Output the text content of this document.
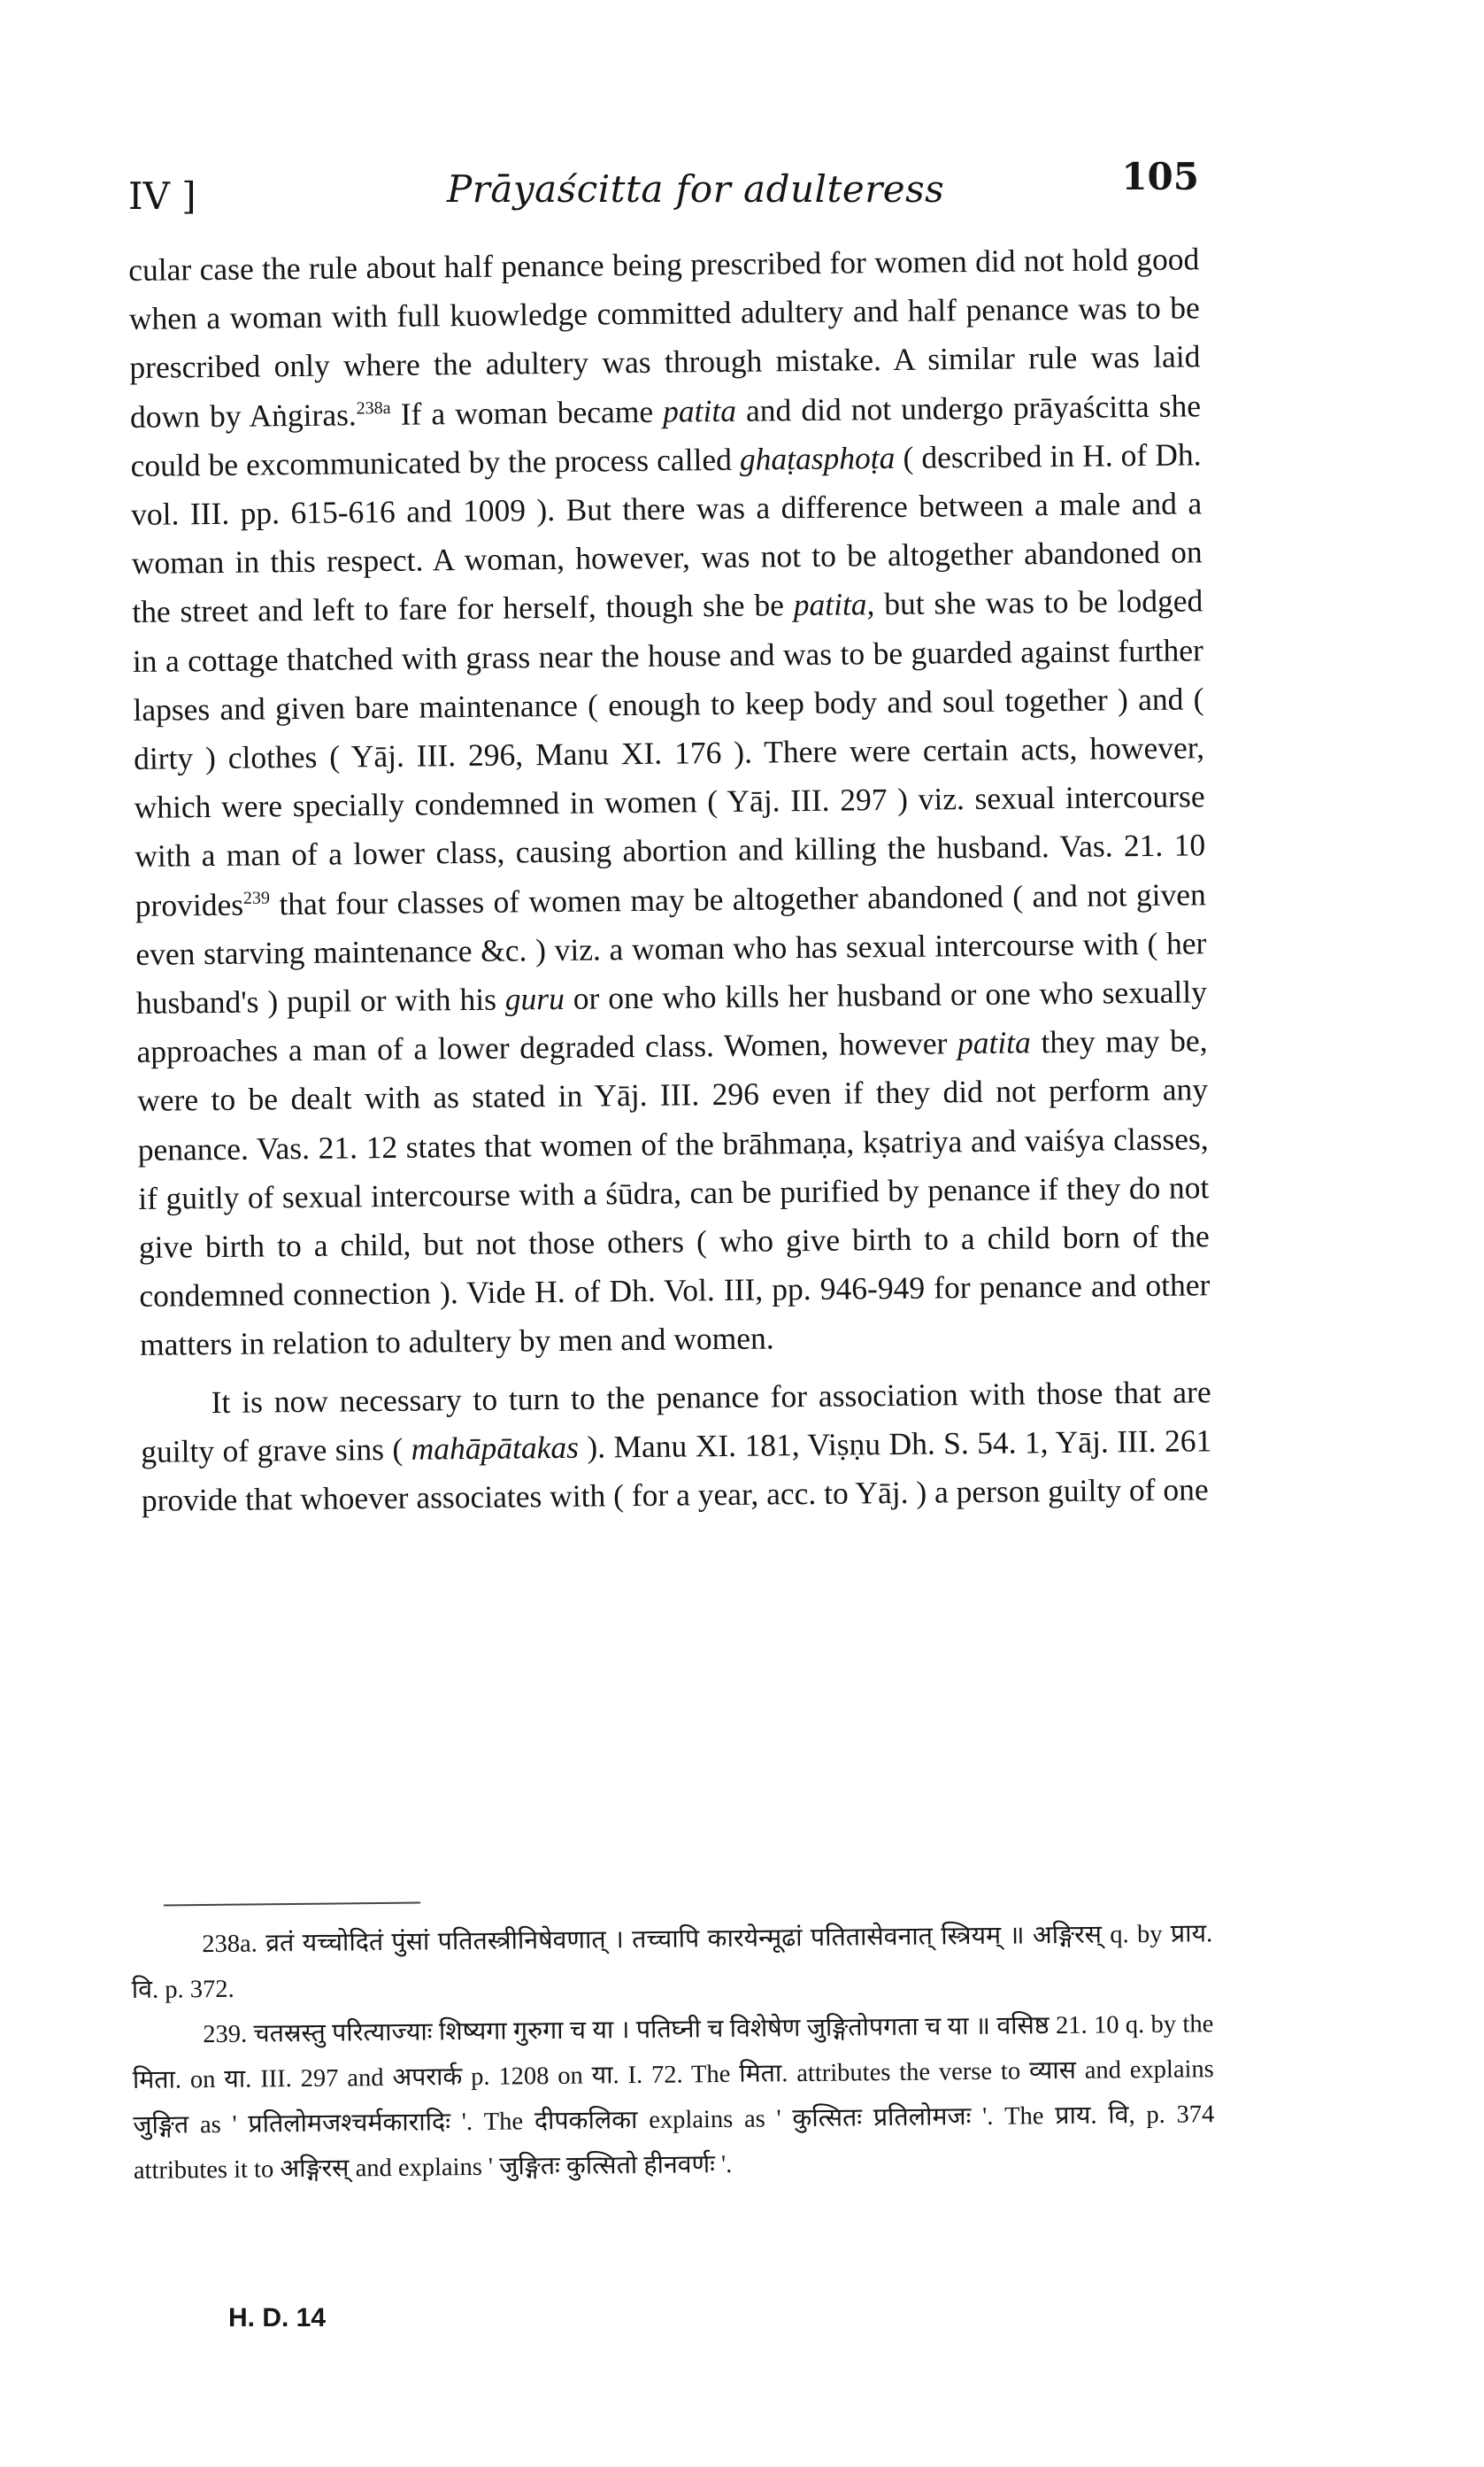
IV ]	Prāyaścitta for adulteress	105

cular case the rule about half penance being prescribed for women did not hold good when a woman with full kuowledge committed adultery and half penance was to be prescribed only where the adultery was through mistake. A similar rule was laid down by Aṅgiras.$^{238a}$ If a woman became patita and did not undergo prāyaścitta she could be excommunicated by the process called ghaṭasphoṭa ( described in H. of Dh. vol. III. pp. 615-616 and 1009 ). But there was a difference between a male and a woman in this respect. A woman, however, was not to be altogether abandoned on the street and left to fare for herself, though she be patita, but she was to be lodged in a cottage thatched with grass near the house and was to be guarded against further lapses and given bare maintenance ( enough to keep body and soul together ) and ( dirty ) clothes ( Yāj. III. 296, Manu XI. 176 ). There were certain acts, however, which were specially condemned in women ( Yāj. III. 297 ) viz. sexual intercourse with a man of a lower class, causing abortion and killing the husband. Vas. 21. 10 provides$^{239}$ that four classes of women may be altogether abandoned ( and not given even starving maintenance &c. ) viz. a woman who has sexual intercourse with ( her husband's ) pupil or with his guru or one who kills her husband or one who sexually approaches a man of a lower degraded class. Women, however patita they may be, were to be dealt with as stated in Yāj. III. 296 even if they did not perform any penance. Vas. 21. 12 states that women of the brāhmaṇa, kṣatriya and vaiśya classes, if guitly of sexual intercourse with a śūdra, can be purified by penance if they do not give birth to a child, but not those others ( who give birth to a child born of the condemned connection ). Vide H. of Dh. Vol. III, pp. 946-949 for penance and other matters in relation to adultery by men and women.

It is now necessary to turn to the penance for association with those that are guilty of grave sins ( mahāpātakas ). Manu XI. 181, Viṣṇu Dh. S. 54. 1, Yāj. III. 261 provide that whoever associates with ( for a year, acc. to Yāj. ) a person guilty of one

238a. व्रतं यच्चोदितं पुंसां पतितस्त्रीनिषेवणात् । तच्चापि कारयेन्मूढां पतितासेवनात् स्त्रियम् ॥ अङ्गिरस् q. by प्राय. वि. p. 372.

239. चतस्रस्तु परित्याज्याः शिष्यगा गुरुगा च या । पतिघ्नी च विशेषेण जुङ्गितोपगता च या ॥ वसिष्ठ 21. 10 q. by the मिता. on या. III. 297 and अपरार्क p. 1208 on या. I. 72. The मिता. attributes the verse to व्यास and explains जुङ्गित as ' प्रतिलोमजश्चर्मकारादिः '. The दीपकलिका explains as ' कुत्सितः प्रतिलोमजः '. The प्राय. वि, p. 374 attributes it to अङ्गिरस् and explains ' जुङ्गितः कुत्सितो हीनवर्णः '.

H. D. 14
